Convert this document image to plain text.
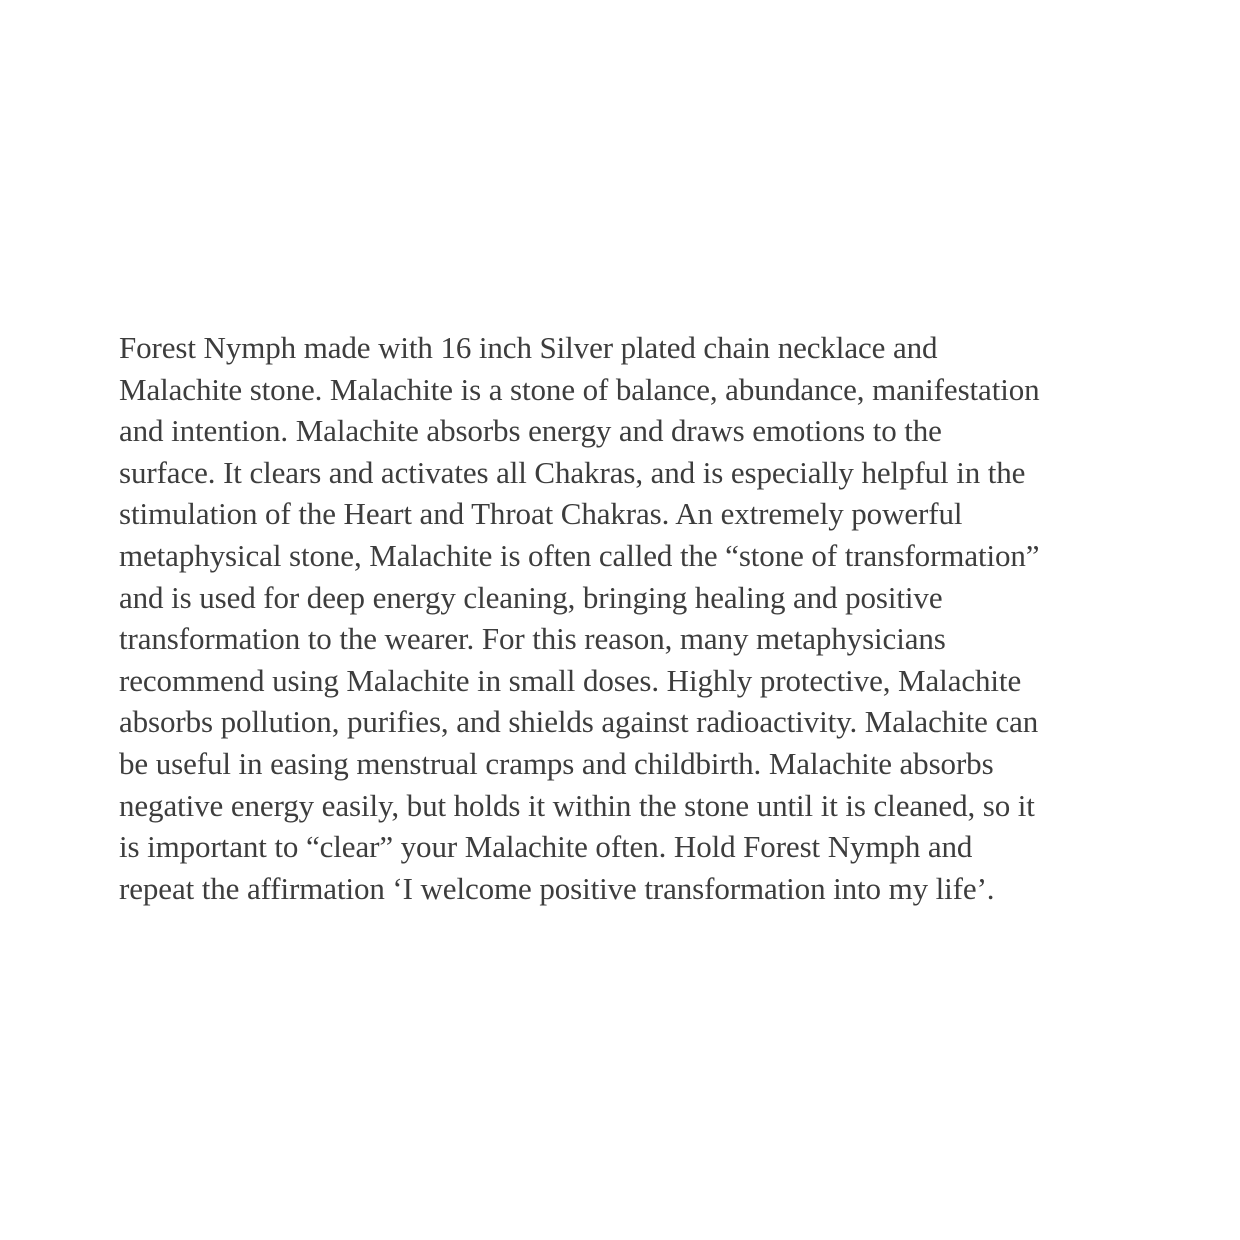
Forest Nymph made with 16 inch Silver plated chain necklace and
Malachite stone. Malachite is a stone of balance, abundance, manifestation
and intention. Malachite absorbs energy and draws emotions to the
surface. It clears and activates all Chakras, and is especially helpful in the
stimulation of the Heart and Throat Chakras. An extremely powerful
metaphysical stone, Malachite is often called the “stone of transformation”
and is used for deep energy cleaning, bringing healing and positive
transformation to the wearer. For this reason, many metaphysicians
recommend using Malachite in small doses. Highly protective, Malachite
absorbs pollution, purifies, and shields against radioactivity. Malachite can
be useful in easing menstrual cramps and childbirth. Malachite absorbs
negative energy easily, but holds it within the stone until it is cleaned, so it
is important to “clear” your Malachite often. Hold Forest Nymph and
repeat the affirmation ‘I welcome positive transformation into my life’.
